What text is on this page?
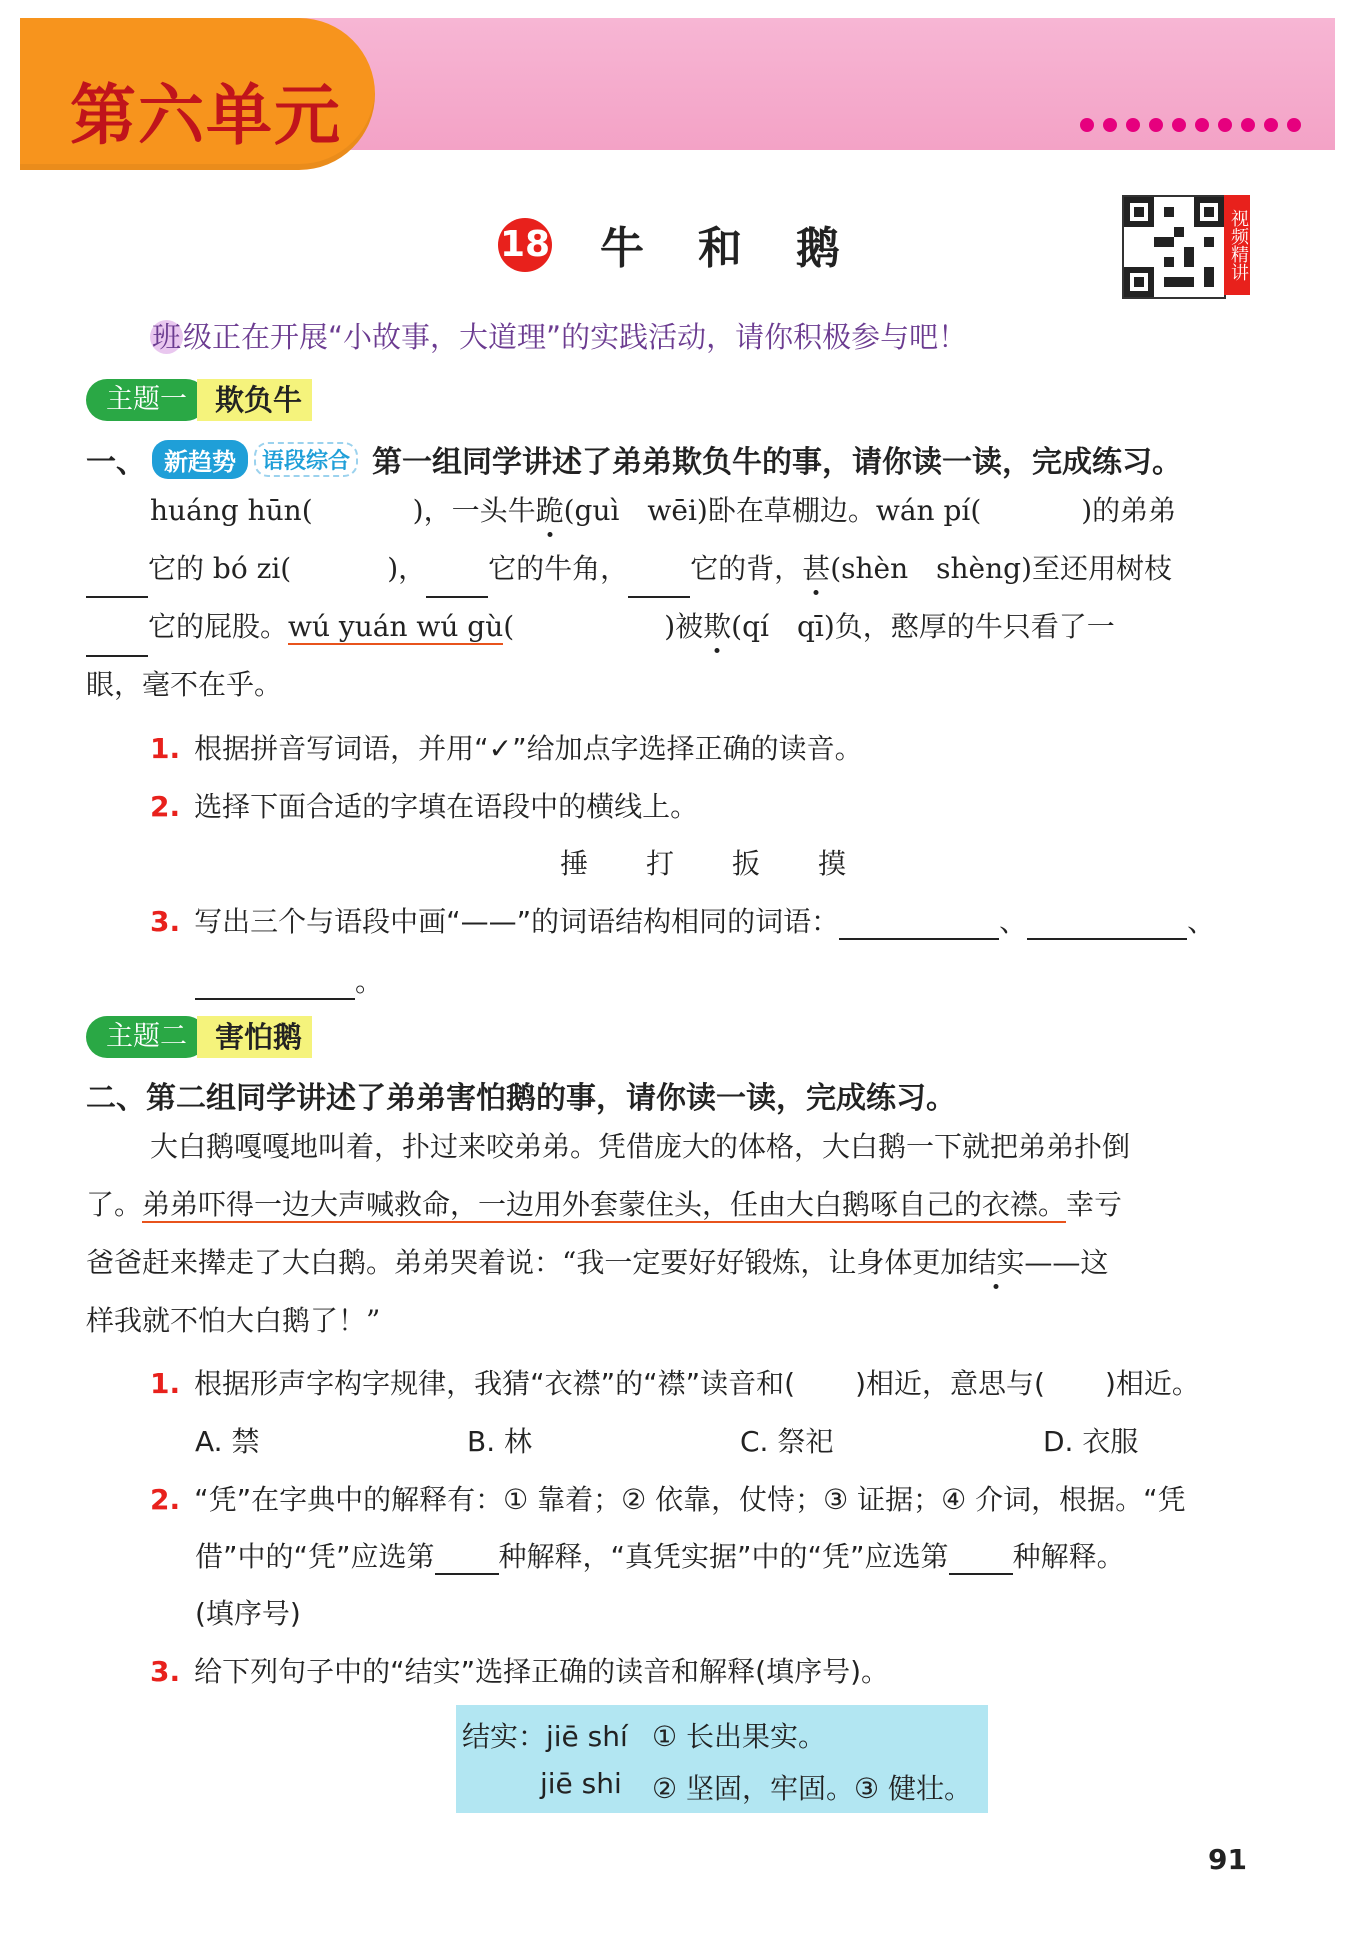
第六单元
18 牛和鹅	视频精讲
班级正在开展“小故事，大道理”的实践活动，请你积极参与吧！
主题一 欺负牛
一、 新趋势	语段综合 第一组同学讲述了弟弟欺负牛的事，请你读一读，完成练习。
huáng hūn(	)，一头牛跪(guì　wēi)卧在草棚边。wán pí(	)的弟弟
它的 bó zi(	)， 它的牛角， 它的背，甚(shèn　shèng)至还用树枝
它的屁股。wú yuán wú gù(	)被欺(qí　qī)负，憨厚的牛只看了一
眼，毫不在乎。
1. 根据拼音写词语，并用“✓”给加点字选择正确的读音。
2. 选择下面合适的字填在语段中的横线上。
捶 打 扳 摸
3. 写出三个与语段中画“——”的词语结构相同的词语：	、	、
。
主题二 害怕鹅
二、第二组同学讲述了弟弟害怕鹅的事，请你读一读，完成练习。
大白鹅嘎嘎地叫着，扑过来咬弟弟。凭借庞大的体格，大白鹅一下就把弟弟扑倒
了。弟弟吓得一边大声喊救命，一边用外套蒙住头，任由大白鹅啄自己的衣襟。幸亏
爸爸赶来撵走了大白鹅。弟弟哭着说：“我一定要好好锻炼，让身体更加结实——这
样我就不怕大白鹅了！”
1. 根据形声字构字规律，我猜“衣襟”的“襟”读音和( )相近，意思与( )相近。
A. 禁	B. 林	C. 祭祀	D. 衣服
2. “凭”在字典中的解释有：① 靠着；② 依靠，仗恃；③ 证据；④ 介词，根据。“凭
借”中的“凭”应选第 种解释，“真凭实据”中的“凭”应选第 种解释。
(填序号)
3. 给下列句子中的“结实”选择正确的读音和解释(填序号)。
结实：jiē shí ① 长出果实。
jiē shi ② 坚固，牢固。③ 健壮。
91
